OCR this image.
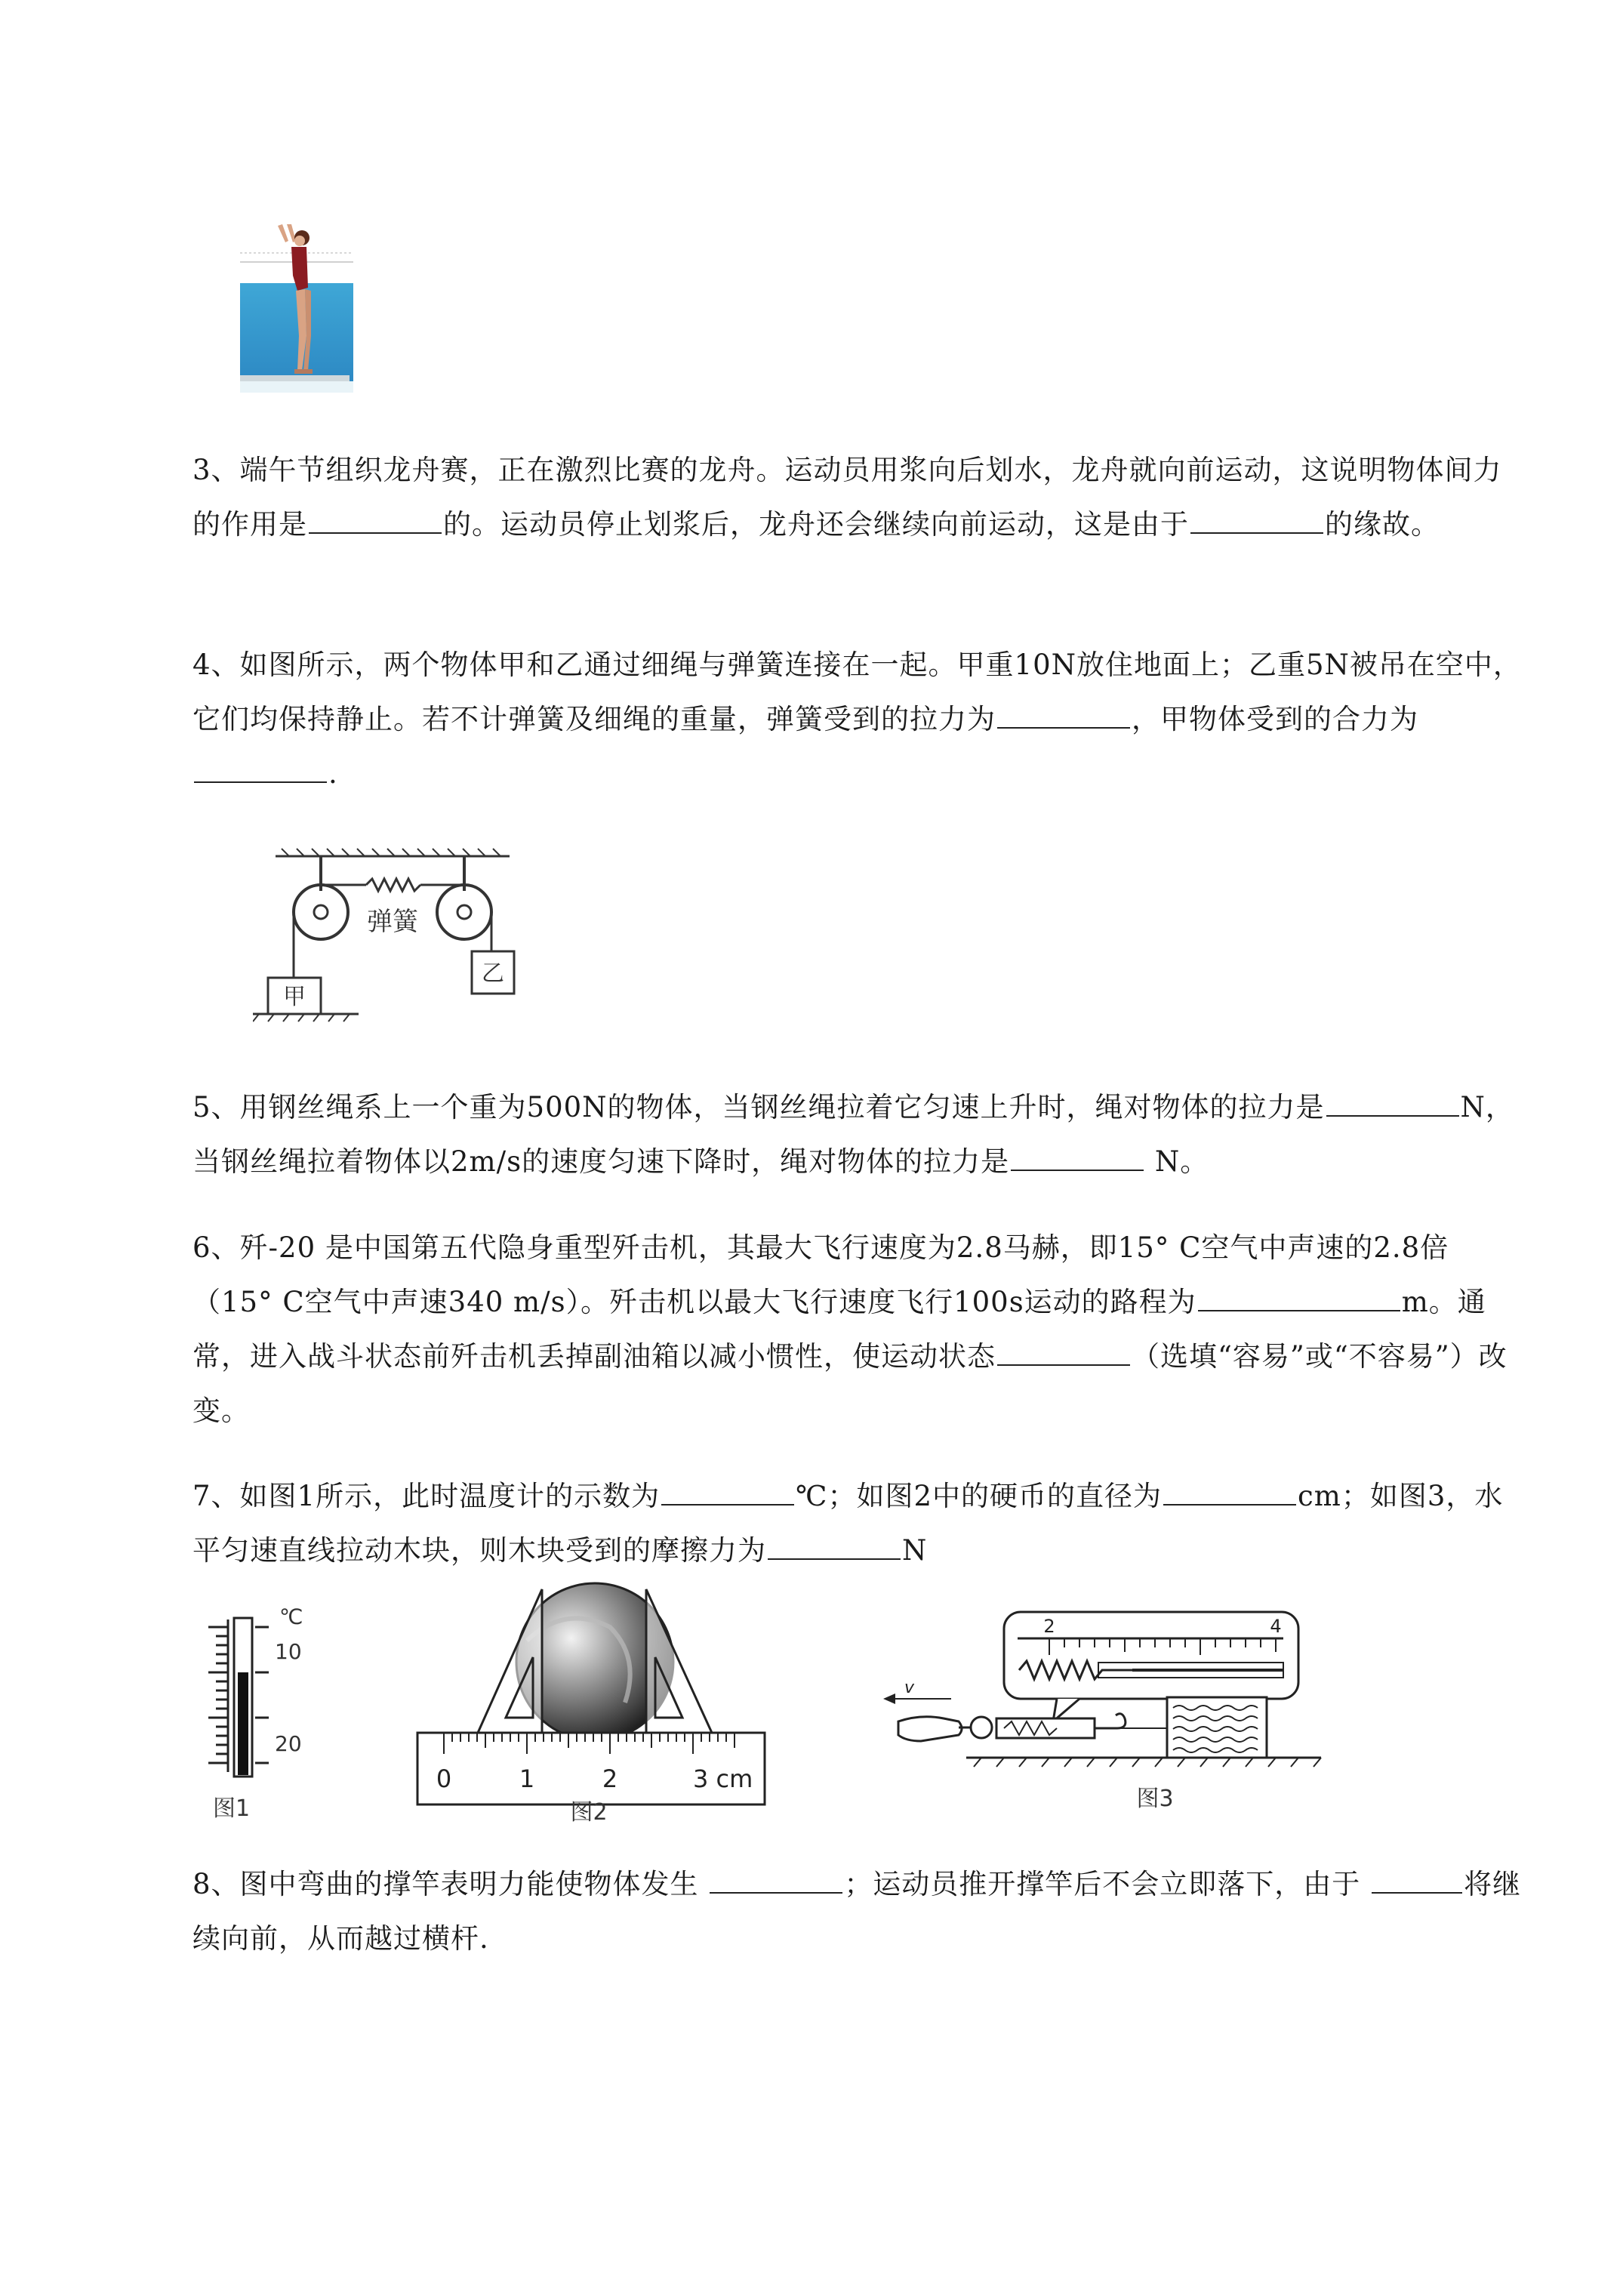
3、端午节组织龙舟赛，正在激烈比赛的龙舟。运动员用浆向后划水，龙舟就向前运动，这说明物体间力的作用是	的。运动员停止划浆后，龙舟还会继续向前运动，这是由于	的缘故。

4、如图所示，两个物体甲和乙通过细绳与弹簧连接在一起。甲重10N放住地面上；乙重5N被吊在空中，它们均保持静止。若不计弹簧及细绳的重量，弹簧受到的拉力为	，甲物体受到的合力为.

弹簧
甲
乙

5、用钢丝绳系上一个重为500N的物体，当钢丝绳拉着它匀速上升时，绳对物体的拉力是	N，当钢丝绳拉着物体以2m/s的速度匀速下降时，绳对物体的拉力是	N。

6、歼-20 是中国第五代隐身重型歼击机，其最大飞行速度为2.8马赫，即15° C空气中声速的2.8倍（15° C空气中声速340 m/s）。歼击机以最大飞行速度飞行100s运动的路程为	m。通常，进入战斗状态前歼击机丢掉副油箱以减小惯性，使运动状态	（选填“容易”或“不容易”）改变。

7、如图1所示，此时温度计的示数为	℃；如图2中的硬币的直径为	cm；如图3，水平匀速直线拉动木块，则木块受到的摩擦力为	N

℃
10
20
图1
0	1	2	3 cm
图2
2	4
v
图3

8、图中弯曲的撑竿表明力能使物体发生	；运动员推开撑竿后不会立即落下，由于	将继续向前，从而越过横杆.
